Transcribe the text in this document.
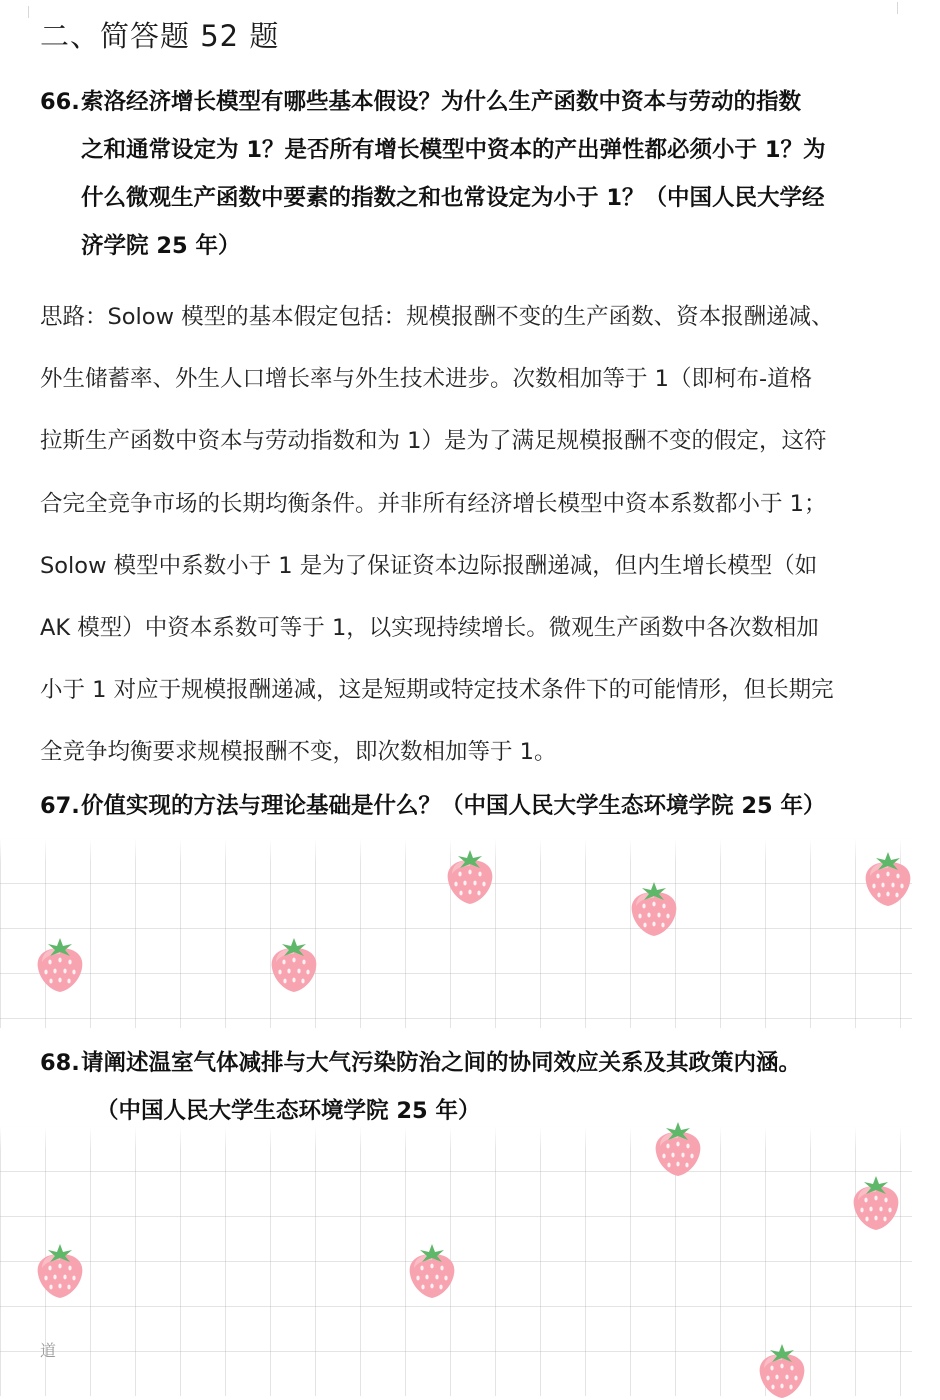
二、简答题 52 题
66.索洛经济增长模型有哪些基本假设？为什么生产函数中资本与劳动的指数
之和通常设定为 1？是否所有增长模型中资本的产出弹性都必须小于 1？为
什么微观生产函数中要素的指数之和也常设定为小于 1？（中国人民大学经
济学院 25 年）

思路：Solow 模型的基本假定包括：规模报酬不变的生产函数、资本报酬递减、
外生储蓄率、外生人口增长率与外生技术进步。次数相加等于 1（即柯布-道格
拉斯生产函数中资本与劳动指数和为 1）是为了满足规模报酬不变的假定，这符
合完全竞争市场的长期均衡条件。并非所有经济增长模型中资本系数都小于 1；
Solow 模型中系数小于 1 是为了保证资本边际报酬递减，但内生增长模型（如
AK 模型）中资本系数可等于 1，以实现持续增长。微观生产函数中各次数相加
小于 1 对应于规模报酬递减，这是短期或特定技术条件下的可能情形，但长期完
全竞争均衡要求规模报酬不变，即次数相加等于 1。

67.价值实现的方法与理论基础是什么？（中国人民大学生态环境学院 25 年）
68.请阐述温室气体减排与大气污染防治之间的协同效应关系及其政策内涵。
（中国人民大学生态环境学院 25 年）
道
